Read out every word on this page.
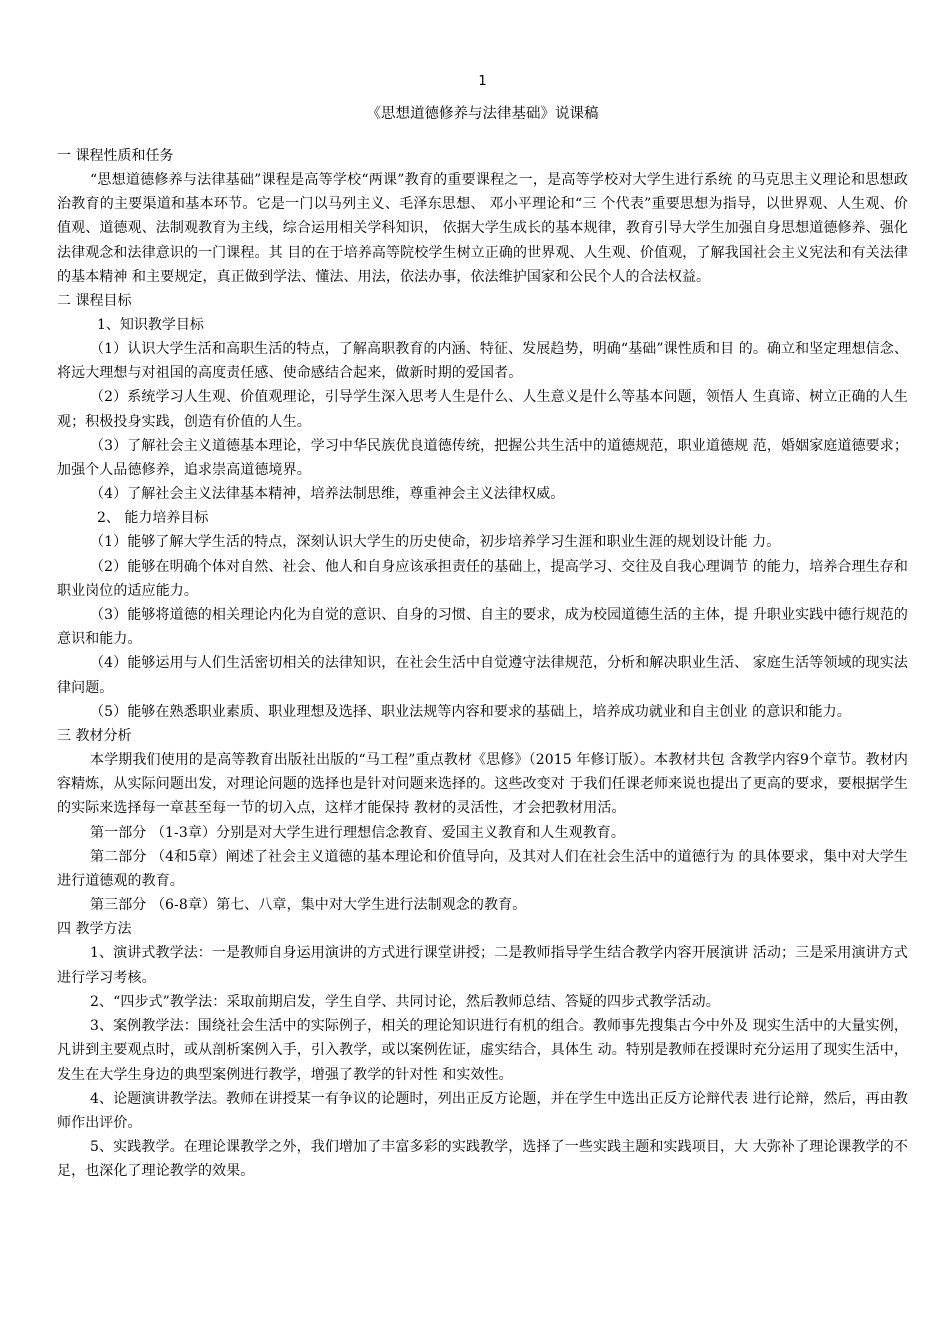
1
《思想道德修养与法律基础》说课稿
一 课程性质和任务
“思想道德修养与法律基础”课程是高等学校“两课”教育的重要课程之一，是高等学校对大学生进行系统 的马克思主义理论和思想政治教育的主要渠道和基本环节。它是一门以马列主义、毛泽东思想、 邓小平理论和“三 个代表”重要思想为指导，以世界观、人生观、价值观、道德观、法制观教育为主线，综合运用相关学科知识， 依据大学生成长的基本规律，教育引导大学生加强自身思想道德修养、强化法律观念和法律意识的一门课程。其 目的在于培养高等院校学生树立正确的世界观、人生观、价值观，了解我国社会主义宪法和有关法律的基本精神 和主要规定，真正做到学法、懂法、用法，依法办事，依法维护国家和公民个人的合法权益。
二 课程目标
1、知识教学目标
（1）认识大学生活和高职生活的特点，了解高职教育的内涵、特征、发展趋势，明确“基础”课性质和目 的。确立和坚定理想信念、将远大理想与对祖国的高度责任感、使命感结合起来，做新时期的爱国者。
（2）系统学习人生观、价值观理论，引导学生深入思考人生是什么、人生意义是什么等基本问题，领悟人 生真谛、树立正确的人生观；积极投身实践，创造有价值的人生。
（3）了解社会主义道德基本理论，学习中华民族优良道德传统，把握公共生活中的道德规范，职业道德规 范，婚姻家庭道德要求；加强个人品德修养，追求崇高道德境界。
（4）了解社会主义法律基本精神，培养法制思维，尊重神会主义法律权威。
2、 能力培养目标
（1）能够了解大学生活的特点，深刻认识大学生的历史使命，初步培养学习生涯和职业生涯的规划设计能 力。
（2）能够在明确个体对自然、社会、他人和自身应该承担责任的基础上，提高学习、交往及自我心理调节 的能力，培养合理生存和职业岗位的适应能力。
（3）能够将道德的相关理论内化为自觉的意识、自身的习惯、自主的要求，成为校园道德生活的主体，提 升职业实践中德行规范的意识和能力。
（4）能够运用与人们生活密切相关的法律知识，在社会生活中自觉遵守法律规范，分析和解决职业生活、 家庭生活等领域的现实法律问题。
（5）能够在熟悉职业素质、职业理想及选择、职业法规等内容和要求的基础上，培养成功就业和自主创业 的意识和能力。
三 教材分析
本学期我们使用的是高等教育出版社出版的“马工程”重点教材《思修》（2015 年修订版）。本教材共包 含教学内容9个章节。教材内容精炼，从实际问题出发，对理论问题的选择也是针对问题来选择的。这些改变对 于我们任课老师来说也提出了更高的要求，要根据学生的实际来选择每一章甚至每一节的切入点，这样才能保持 教材的灵活性，才会把教材用活。
第一部分 （1-3章）分别是对大学生进行理想信念教育、爱国主义教育和人生观教育。
第二部分 （4和5章）阐述了社会主义道德的基本理论和价值导向，及其对人们在社会生活中的道德行为 的具体要求，集中对大学生进行道德观的教育。
第三部分 （6-8章）第七、八章，集中对大学生进行法制观念的教育。
四 教学方法
1、演讲式教学法：一是教师自身运用演讲的方式进行课堂讲授；二是教师指导学生结合教学内容开展演讲 活动；三是采用演讲方式进行学习考核。
2、“四步式”教学法：采取前期启发，学生自学、共同讨论，然后教师总结、答疑的四步式教学活动。
3、案例教学法：围绕社会生活中的实际例子，相关的理论知识进行有机的组合。教师事先搜集古今中外及 现实生活中的大量实例，凡讲到主要观点时，或从剖析案例入手，引入教学，或以案例佐证，虚实结合，具体生 动。特别是教师在授课时充分运用了现实生活中，发生在大学生身边的典型案例进行教学，增强了教学的针对性 和实效性。
4、论题演讲教学法。教师在讲授某一有争议的论题时，列出正反方论题，并在学生中选出正反方论辩代表 进行论辩，然后，再由教师作出评价。
5、实践教学。在理论课教学之外，我们增加了丰富多彩的实践教学，选择了一些实践主题和实践项目，大 大弥补了理论课教学的不足，也深化了理论教学的效果。
